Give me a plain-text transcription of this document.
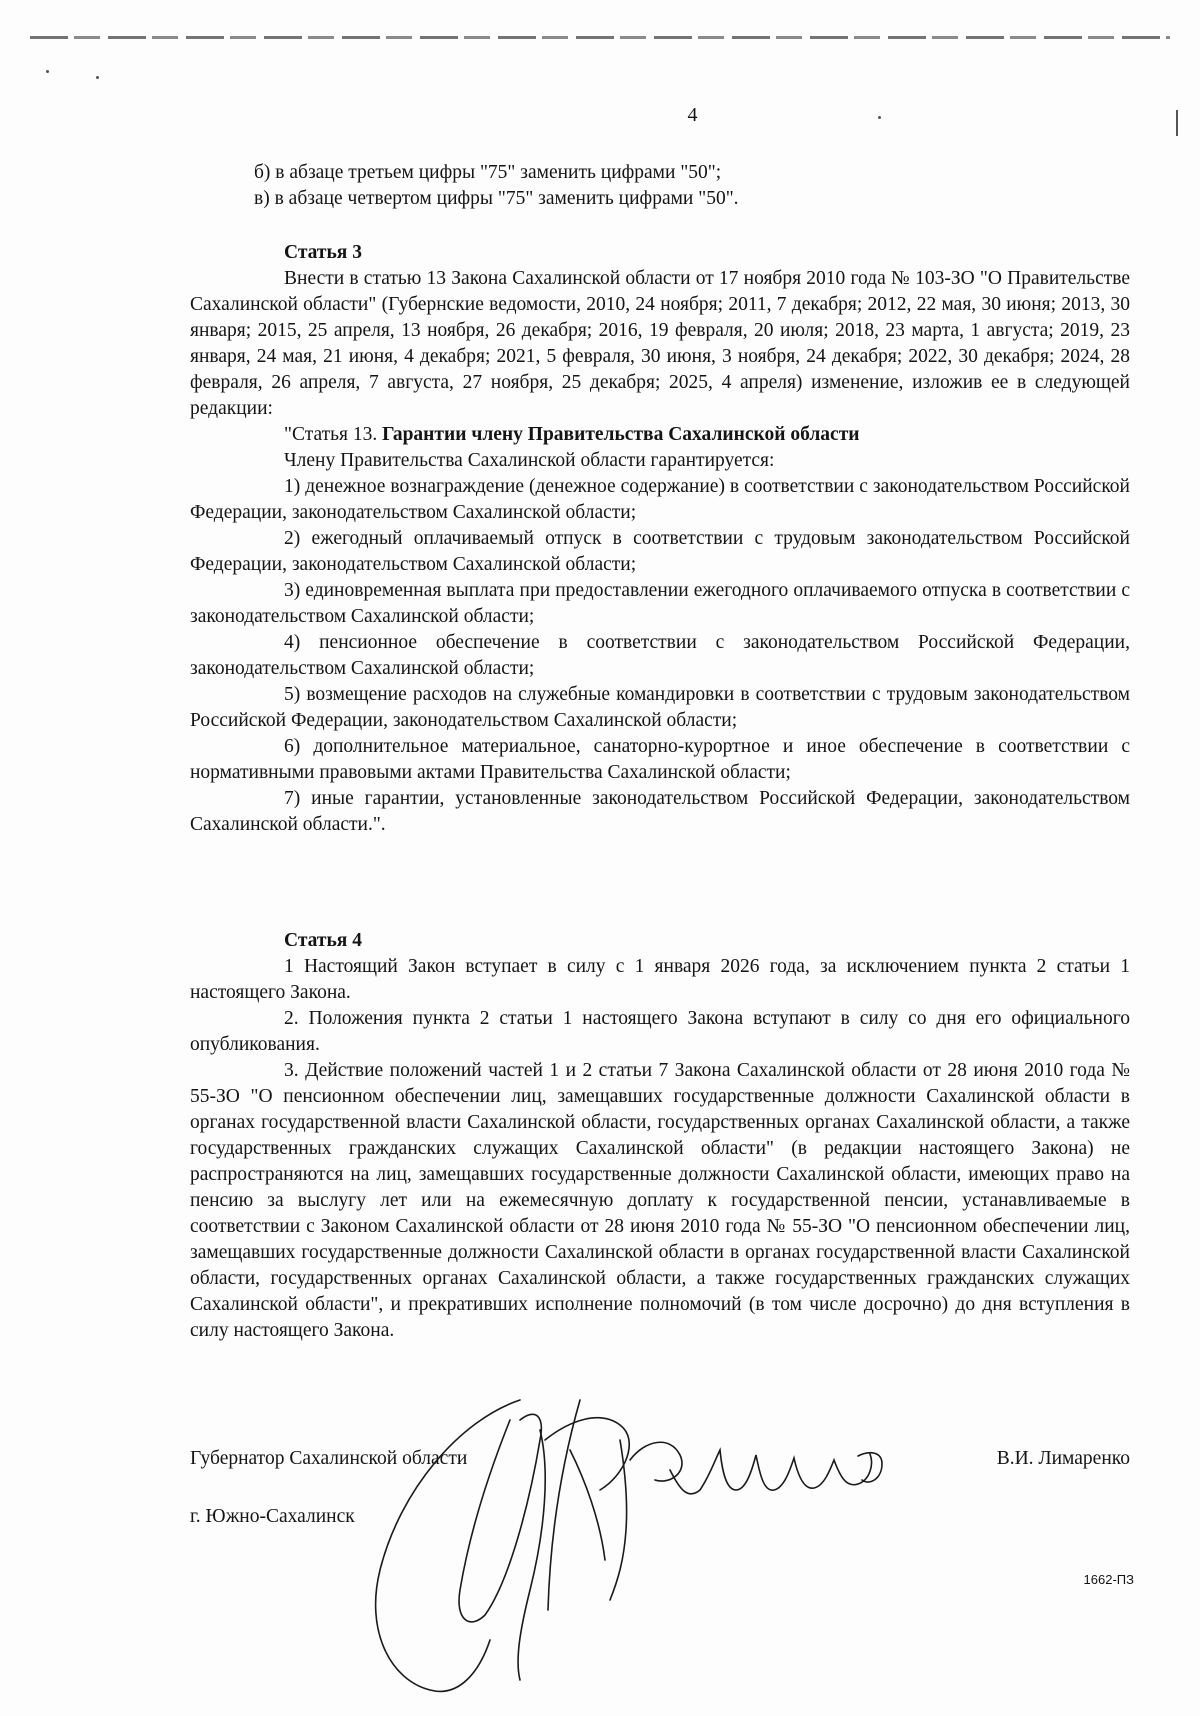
4

б) в абзаце третьем цифры "75" заменить цифрами "50";

в) в абзаце четвертом цифры "75" заменить цифрами "50".

Статья 3

Внести в статью 13 Закона Сахалинской области от 17 ноября 2010 года № 103-ЗО "О Правительстве Сахалинской области" (Губернские ведомости, 2010, 24 ноября; 2011, 7 декабря; 2012, 22 мая, 30 июня; 2013, 30 января; 2015, 25 апреля, 13 ноября, 26 декабря; 2016, 19 февраля, 20 июля; 2018, 23 марта, 1 августа; 2019, 23 января, 24 мая, 21 июня, 4 декабря; 2021, 5 февраля, 30 июня, 3 ноября, 24 декабря; 2022, 30 декабря; 2024, 28 февраля, 26 апреля, 7 августа, 27 ноября, 25 декабря; 2025, 4 апреля) изменение, изложив ее в следующей редакции:

"Статья 13. Гарантии члену Правительства Сахалинской области

Члену Правительства Сахалинской области гарантируется:

1) денежное вознаграждение (денежное содержание) в соответствии с законодательством Российской Федерации, законодательством Сахалинской области;

2) ежегодный оплачиваемый отпуск в соответствии с трудовым законодательством Российской Федерации, законодательством Сахалинской области;

3) единовременная выплата при предоставлении ежегодного оплачиваемого отпуска в соответствии с законодательством Сахалинской области;

4) пенсионное обеспечение в соответствии с законодательством Российской Федерации, законодательством Сахалинской области;

5) возмещение расходов на служебные командировки в соответствии с трудовым законодательством Российской Федерации, законодательством Сахалинской области;

6) дополнительное материальное, санаторно-курортное и иное обеспечение в соответствии с нормативными правовыми актами Правительства Сахалинской области;

7) иные гарантии, установленные законодательством Российской Федерации, законодательством Сахалинской области.".

Статья 4

1 Настоящий Закон вступает в силу с 1 января 2026 года, за исключением пункта 2 статьи 1 настоящего Закона.

2. Положения пункта 2 статьи 1 настоящего Закона вступают в силу со дня его официального опубликования.

3. Действие положений частей 1 и 2 статьи 7 Закона Сахалинской области от 28 июня 2010 года № 55-ЗО "О пенсионном обеспечении лиц, замещавших государственные должности Сахалинской области в органах государственной власти Сахалинской области, государственных органах Сахалинской области, а также государственных гражданских служащих Сахалинской области" (в редакции настоящего Закона) не распространяются на лиц, замещавших государственные должности Сахалинской области, имеющих право на пенсию за выслугу лет или на ежемесячную доплату к государственной пенсии, устанавливаемые в соответствии с Законом Сахалинской области от 28 июня 2010 года № 55-ЗО "О пенсионном обеспечении лиц, замещавших государственные должности Сахалинской области в органах государственной власти Сахалинской области, государственных органах Сахалинской области, а также государственных гражданских служащих Сахалинской области", и прекративших исполнение полномочий (в том числе досрочно) до дня вступления в силу настоящего Закона.

Губернатор Сахалинской области	В.И. Лимаренко
г. Южно-Сахалинск
1662-ПЗ
